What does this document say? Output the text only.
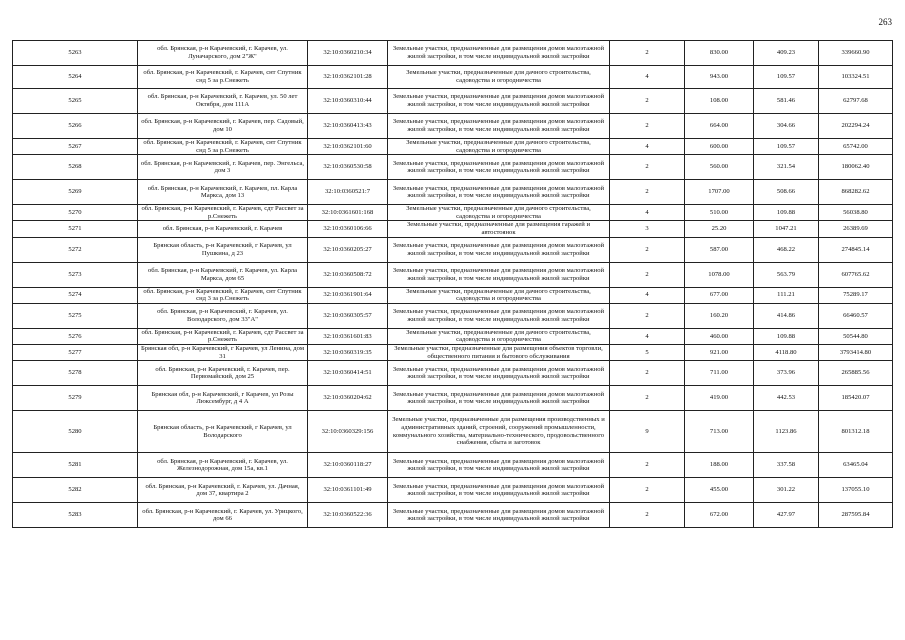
263
5263	обл. Брянская, р-н Карачевский, г. Карачев, ул. Луначарского, дом 2"Ж"	32:10:0360210:34	Земельные участки, предназначенные для размещения домов малоэтажной жилой застройки, в том числе индивидуальной жилой застройки	2	830.00	409.23	339660.90
5264	обл. Брянская, р-н Карачевский, г. Карачев, снт Спутник снд 5 за р.Снежеть	32:10:0362101:28	Земельные участки, предназначенные для дачного строительства, садоводства и огородничества	4	943.00	109.57	103324.51
5265	обл. Брянская, р-н Карачевский, г. Карачев, ул. 50 лет Октября, дом 111А	32:10:0360310:44	Земельные участки, предназначенные для размещения домов малоэтажной жилой застройки, в том числе индивидуальной жилой застройки	2	108.00	581.46	62797.68
5266	обл. Брянская, р-н Карачевский, г. Карачев, пер. Садовый, дом 10	32:10:0360413:43	Земельные участки, предназначенные для размещения домов малоэтажной жилой застройки, в том числе индивидуальной жилой застройки	2	664.00	304.66	202294.24
5267	обл. Брянская, р-н Карачевский, г. Карачев, снт Спутник снд 5 за р.Снежеть	32:10:0362101:60	Земельные участки, предназначенные для дачного строительства, садоводства и огородничества	4	600.00	109.57	65742.00
5268	обл. Брянская, р-н Карачевский, г. Карачев, пер. Энгельса, дом 3	32:10:0360530:58	Земельные участки, предназначенные для размещения домов малоэтажной жилой застройки, в том числе индивидуальной жилой застройки	2	560.00	321.54	180062.40
5269	обл. Брянская, р-н Карачевский, г. Карачев, пл. Карла Маркса, дом 13	32:10:0360521:7	Земельные участки, предназначенные для размещения домов малоэтажной жилой застройки, в том числе индивидуальной жилой застройки	2	1707.00	508.66	868282.62
5270	обл. Брянская, р-н Карачевский, г. Карачев, сдт Рассвет за р.Снежеть	32:10:0361601:168	Земельные участки, предназначенные для дачного строительства, садоводства и огородничества	4	510.00	109.88	56038.80
5271	обл. Брянская, р-н Карачевский, г. Карачев	32:10:0360106:66	Земельные участки, предназначенные для размещения гаражей и автостоянок	3	25.20	1047.21	26389.69
5272	Брянская область, р-н Карачевский, г Карачев, ул Пушкина, д 23	32:10:0360205:27	Земельные участки, предназначенные для размещения домов малоэтажной жилой застройки, в том числе индивидуальной жилой застройки	2	587.00	468.22	274845.14
5273	обл. Брянская, р-н Карачевский, г. Карачев, ул. Карла Маркса, дом 65	32:10:0360508:72	Земельные участки, предназначенные для размещения домов малоэтажной жилой застройки, в том числе индивидуальной жилой застройки	2	1078.00	563.79	607765.62
5274	обл. Брянская, р-н Карачевский, г. Карачев, снт Спутник снд 3 за р.Снежеть	32:10:0361901:64	Земельные участки, предназначенные для дачного строительства, садоводства и огородничества	4	677.00	111.21	75289.17
5275	обл. Брянская, р-н Карачевский, г. Карачев, ул. Володарского, дом 33"А"	32:10:0360305:57	Земельные участки, предназначенные для размещения домов малоэтажной жилой застройки, в том числе индивидуальной жилой застройки	2	160.20	414.86	66460.57
5276	обл. Брянская, р-н Карачевский, г. Карачев, сдт Рассвет за р.Снежеть	32:10:0361601:83	Земельные участки, предназначенные для дачного строительства, садоводства и огородничества	4	460.00	109.88	50544.80
5277	Брянская обл, р-н Карачевский, г Карачев, ул Ленина, дом 31	32:10:0360319:35	Земельные участки, предназначенные для размещения объектов торговли, общественного питания и бытового обслуживания	5	921.00	4118.80	3793414.80
5278	обл. Брянская, р-н Карачевский, г. Карачев, пер. Первомайский, дом 25	32:10:0360414:51	Земельные участки, предназначенные для размещения домов малоэтажной жилой застройки, в том числе индивидуальной жилой застройки	2	711.00	373.96	265885.56
5279	Брянская обл, р-н Карачевский, г Карачев, ул Розы Люксембург, д 4 А	32:10:0360204:62	Земельные участки, предназначенные для размещения домов малоэтажной жилой застройки, в том числе индивидуальной жилой застройки	2	419.00	442.53	185420.07
5280	Брянская область, р-н Карачевский, г Карачев, ул Володарского	32:10:0360329:156	Земельные участки, предназначенные для размещения производственных и административных зданий, строений, сооружений промышленности, коммунального хозяйства, материально-технического, продовольственного снабжения, сбыта и заготовок	9	713.00	1123.86	801312.18
5281	обл. Брянская, р-н Карачевский, г. Карачев, ул. Железнодорожная, дом 15а, кв.1	32:10:0360118:27	Земельные участки, предназначенные для размещения домов малоэтажной жилой застройки, в том числе индивидуальной жилой застройки	2	188.00	337.58	63465.04
5282	обл. Брянская, р-н Карачевский, г. Карачев, ул. Дачная, дом 37, квартира 2	32:10:0361101:49	Земельные участки, предназначенные для размещения домов малоэтажной жилой застройки, в том числе индивидуальной жилой застройки	2	455.00	301.22	137055.10
5283	обл. Брянская, р-н Карачевский, г. Карачев, ул. Урицкого, дом 66	32:10:0360522:36	Земельные участки, предназначенные для размещения домов малоэтажной жилой застройки, в том числе индивидуальной жилой застройки	2	672.00	427.97	287595.84
